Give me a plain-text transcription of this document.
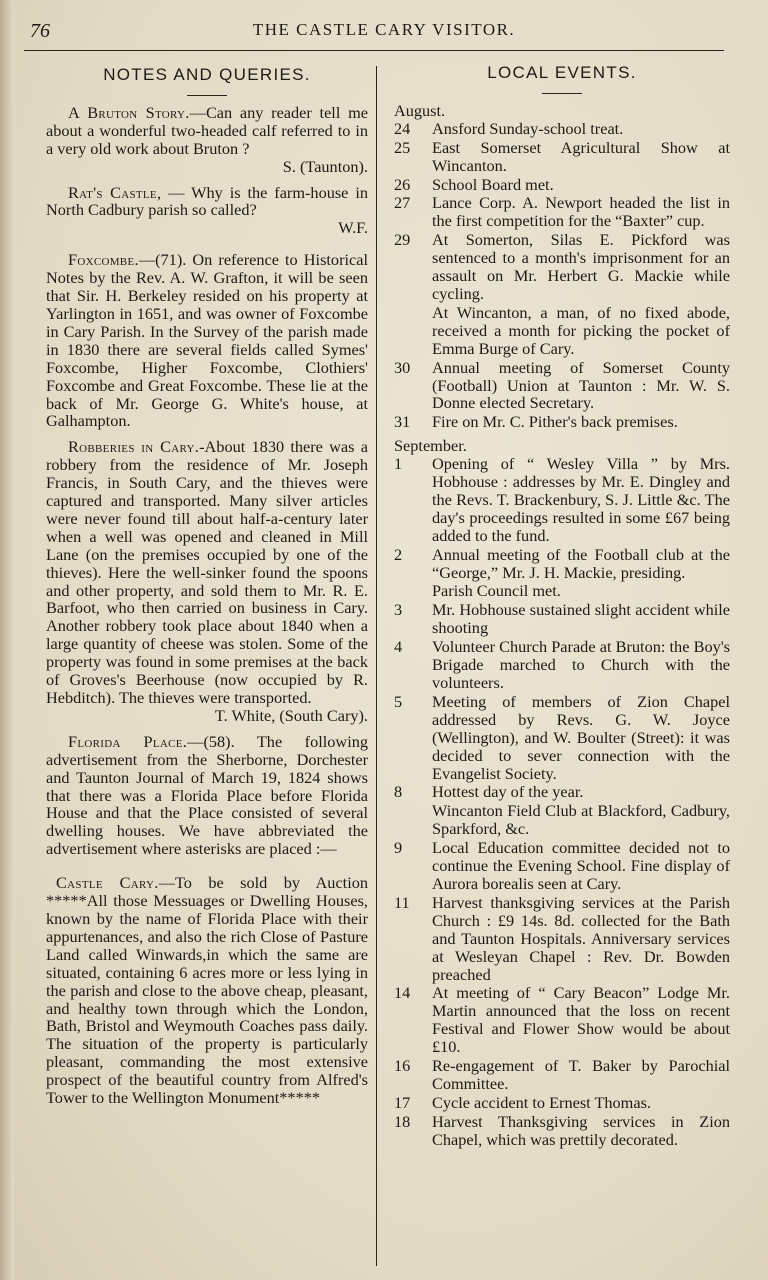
76	THE CASTLE CARY VISITOR.
NOTES AND QUERIES.

A Bruton Story.—Can any reader tell me about a wonderful two-headed calf referred to in a very old work about Bruton ?
S. (Taunton).

Rat's Castle, — Why is the farm-house in North Cadbury parish so called?
W.F.

Foxcombe.—(71). On reference to Historical Notes by the Rev. A. W. Grafton, it will be seen that Sir. H. Berkeley resided on his property at Yarlington in 1651, and was owner of Foxcombe in Cary Parish. In the Survey of the parish made in 1830 there are several fields called Symes' Foxcombe, Higher Foxcombe, Clothiers' Foxcombe and Great Foxcombe. These lie at the back of Mr. George G. White's house, at Galhampton.

Robberies in Cary.-About 1830 there was a robbery from the residence of Mr. Joseph Francis, in South Cary, and the thieves were captured and transported. Many silver articles were never found till about half-a-century later when a well was opened and cleaned in Mill Lane (on the premises occupied by one of the thieves). Here the well-sinker found the spoons and other property, and sold them to Mr. R. E. Barfoot, who then carried on business in Cary. Another robbery took place about 1840 when a large quantity of cheese was stolen. Some of the property was found in some premises at the back of Groves's Beerhouse (now occupied by R. Hebditch). The thieves were transported.
T. White, (South Cary).

Florida Place.—(58). The following advertisement from the Sherborne, Dorchester and Taunton Journal of March 19, 1824 shows that there was a Florida Place before Florida House and that the Place consisted of several dwelling houses. We have abbreviated the advertisement where asterisks are placed :—

Castle Cary.—To be sold by Auction *****All those Messuages or Dwelling Houses, known by the name of Florida Place with their appurtenances, and also the rich Close of Pasture Land called Winwards,in which the same are situated, containing 6 acres more or less lying in the parish and close to the above cheap, pleasant, and healthy town through which the London, Bath, Bristol and Weymouth Coaches pass daily. The situation of the property is particularly pleasant, commanding the most extensive prospect of the beautiful country from Alfred's Tower to the Wellington Monument*****

LOCAL EVENTS.
August.
24	Ansford Sunday-school treat.
25	East Somerset Agricultural Show at Wincanton.
26	School Board met.
27	Lance Corp. A. Newport headed the list in the first competition for the “Baxter” cup.
29	At Somerton, Silas E. Pickford was sentenced to a month's imprisonment for an assault on Mr. Herbert G. Mackie while cycling.
At Wincanton, a man, of no fixed abode, received a month for picking the pocket of Emma Burge of Cary.
30	Annual meeting of Somerset County (Football) Union at Taunton : Mr. W. S. Donne elected Secretary.
31	Fire on Mr. C. Pither's back premises.
September.
1	Opening of “ Wesley Villa ” by Mrs. Hobhouse : addresses by Mr. E. Dingley and the Revs. T. Brackenbury, S. J. Little &c. The day's proceedings resulted in some £67 being added to the fund.
2	Annual meeting of the Football club at the “George,” Mr. J. H. Mackie, presiding.
Parish Council met.
3	Mr. Hobhouse sustained slight accident while shooting
4	Volunteer Church Parade at Bruton: the Boy's Brigade marched to Church with the volunteers.
5	Meeting of members of Zion Chapel addressed by Revs. G. W. Joyce (Wellington), and W. Boulter (Street): it was decided to sever connection with the Evangelist Society.
8	Hottest day of the year.
Wincanton Field Club at Blackford, Cadbury, Sparkford, &c.
9	Local Education committee decided not to continue the Evening School. Fine display of Aurora borealis seen at Cary.
11	Harvest thanksgiving services at the Parish Church : £9 14s. 8d. collected for the Bath and Taunton Hospitals. Anniversary services at Wesleyan Chapel : Rev. Dr. Bowden preached
14	At meeting of “ Cary Beacon” Lodge Mr. Martin announced that the loss on recent Festival and Flower Show would be about £10.
16	Re-engagement of T. Baker by Parochial Committee.
17	Cycle accident to Ernest Thomas.
18	Harvest Thanksgiving services in Zion Chapel, which was prettily decorated.
